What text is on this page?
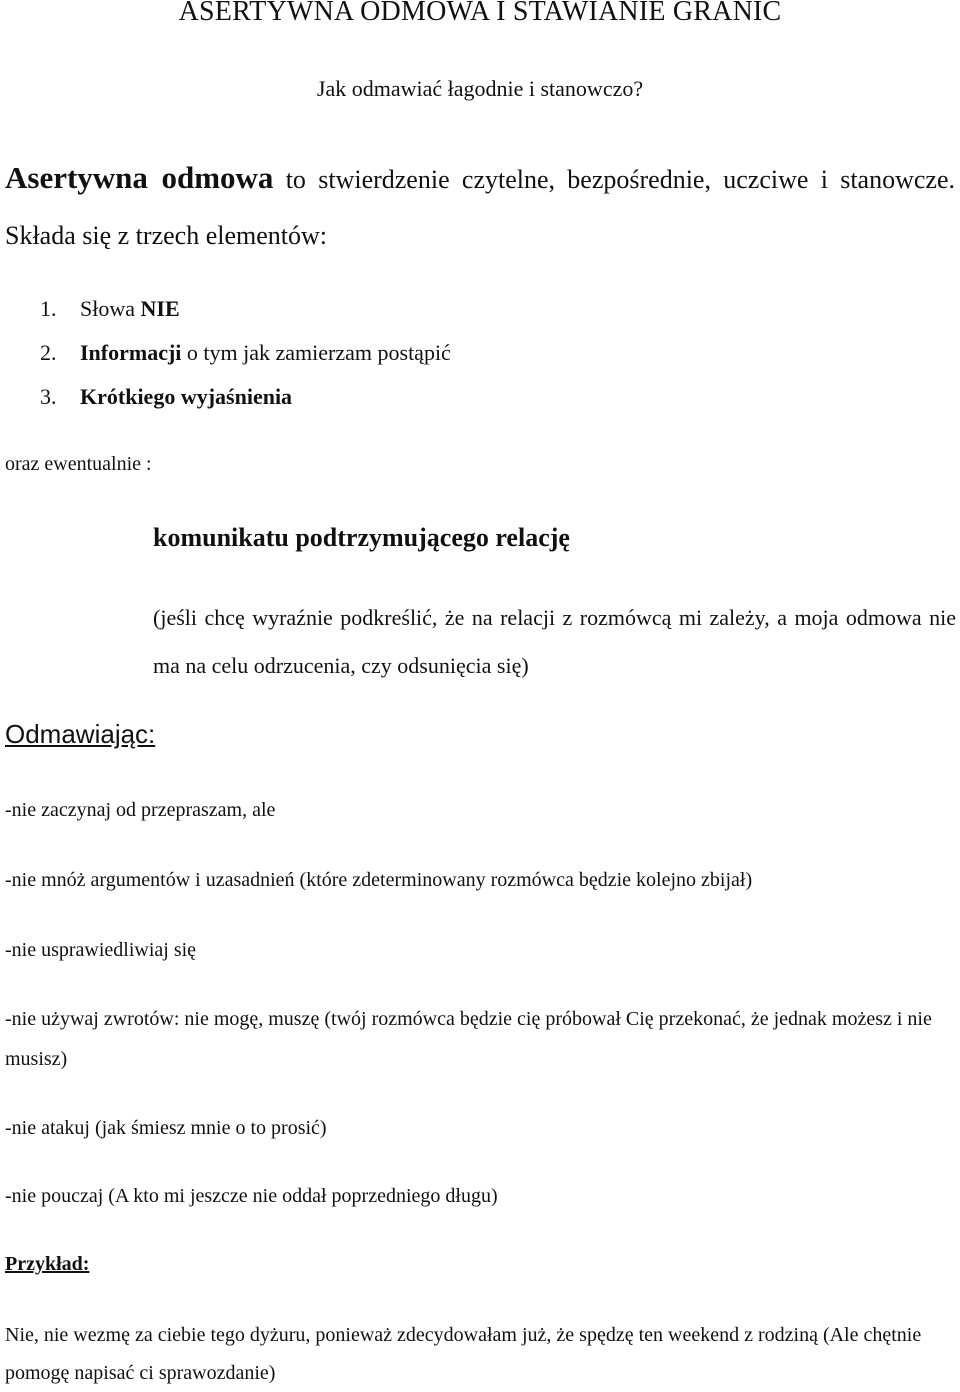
ASERTYWNA ODMOWA I STAWIANIE GRANIC
Jak odmawiać łagodnie i stanowczo?
Asertywna odmowa to stwierdzenie czytelne, bezpośrednie, uczciwe i stanowcze. Składa się z trzech elementów:
1. Słowa NIE
2. Informacji o tym jak zamierzam postąpić
3. Krótkiego wyjaśnienia
oraz ewentualnie :
komunikatu podtrzymującego relację
(jeśli chcę wyraźnie podkreślić, że na relacji z rozmówcą mi zależy, a moja odmowa nie ma na celu odrzucenia, czy odsunięcia się)
Odmawiając:
-nie zaczynaj od przepraszam, ale
-nie mnóż argumentów i uzasadnień (które zdeterminowany rozmówca będzie kolejno zbijał)
-nie usprawiedliwiaj się
-nie używaj zwrotów: nie mogę, muszę (twój rozmówca będzie cię próbował Cię przekonać, że jednak możesz i nie musisz)
-nie atakuj (jak śmiesz mnie o to prosić)
-nie pouczaj (A kto mi jeszcze nie oddał poprzedniego długu)
Przykład:
Nie, nie wezmę za ciebie tego dyżuru, ponieważ zdecydowałam już, że spędzę ten weekend z rodziną (Ale chętnie pomogę napisać ci sprawozdanie)
